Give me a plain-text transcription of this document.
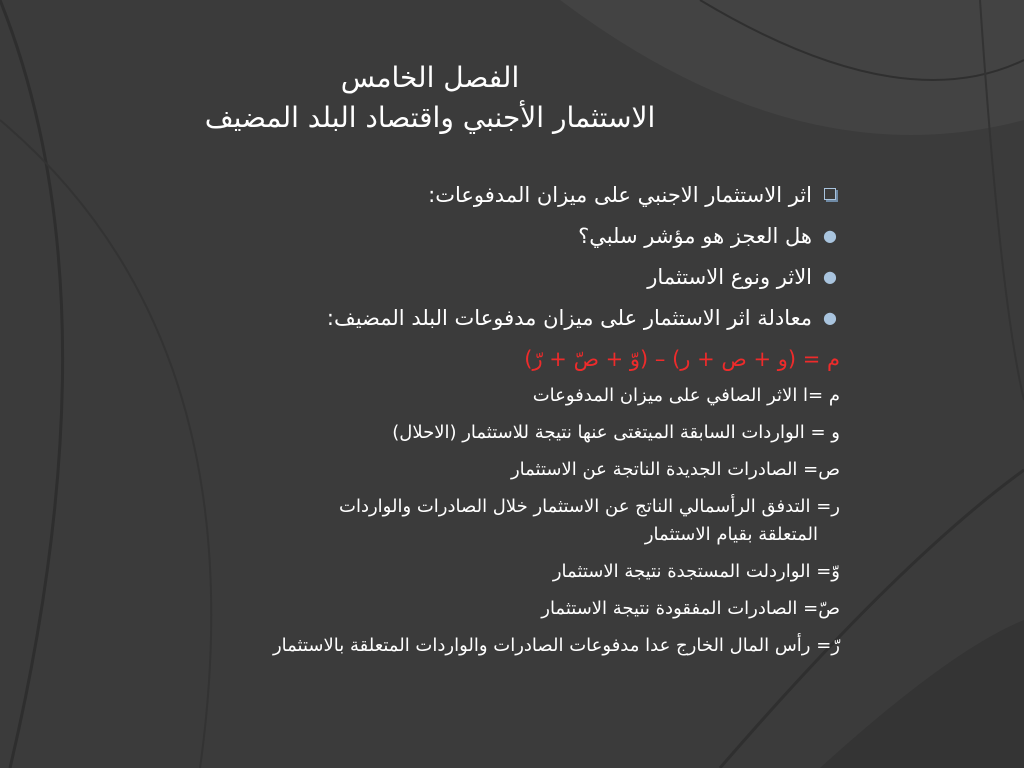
الفصل الخامس
الاستثمار الأجنبي واقتصاد البلد المضيف
اثر الاستثمار الاجنبي على ميزان المدفوعات:
●
هل العجز هو مؤشر سلبي؟
●
الاثر ونوع الاستثمار
●
معادلة اثر الاستثمار على ميزان مدفوعات البلد المضيف:
م = (و + ص + ر) – (وّ + صّ + رّ)
م =ا الاثر الصافي على ميزان المدفوعات
و = الواردات السابقة الميتغتى عنها نتيجة للاستثمار (الاحلال)
ص= الصادرات الجديدة الناتجة عن الاستثمار
ر= التدفق الرأسمالي الناتج عن الاستثمار خلال الصادرات والواردات
المتعلقة بقيام الاستثمار
وّ= الواردلت المستجدة نتيجة الاستثمار
صّ= الصادرات المفقودة نتيجة الاستثمار
رّ= رأس المال الخارج عدا مدفوعات الصادرات والواردات المتعلقة بالاستثمار
